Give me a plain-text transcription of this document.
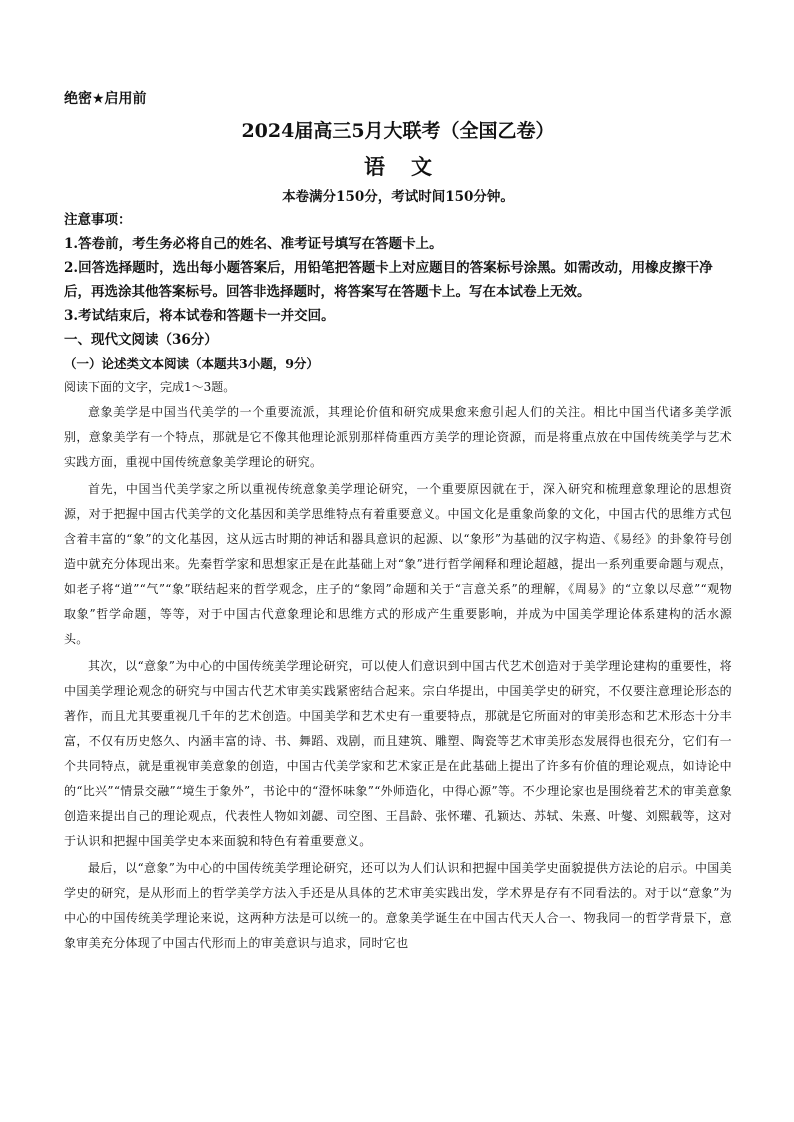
绝密★启用前
2024届高三5月大联考（全国乙卷）
语文
本卷满分150分，考试时间150分钟。
注意事项：
1.答卷前，考生务必将自己的姓名、准考证号填写在答题卡上。
2.回答选择题时，选出每小题答案后，用铅笔把答题卡上对应题目的答案标号涂黑。如需改动，用橡皮擦干净后，再选涂其他答案标号。回答非选择题时，将答案写在答题卡上。写在本试卷上无效。
3.考试结束后，将本试卷和答题卡一并交回。
一、现代文阅读（36分）
（一）论述类文本阅读（本题共3小题，9分）
阅读下面的文字，完成1～3题。

意象美学是中国当代美学的一个重要流派，其理论价值和研究成果愈来愈引起人们的关注。相比中国当代诸多美学派别，意象美学有一个特点，那就是它不像其他理论派别那样倚重西方美学的理论资源，而是将重点放在中国传统美学与艺术实践方面，重视中国传统意象美学理论的研究。

首先，中国当代美学家之所以重视传统意象美学理论研究，一个重要原因就在于，深入研究和梳理意象理论的思想资源，对于把握中国古代美学的文化基因和美学思维特点有着重要意义。中国文化是重象尚象的文化，中国古代的思维方式包含着丰富的“象”的文化基因，这从远古时期的神话和器具意识的起源、以“象形”为基础的汉字构造、《易经》的卦象符号创造中就充分体现出来。先秦哲学家和思想家正是在此基础上对“象”进行哲学阐释和理论超越，提出一系列重要命题与观点，如老子将“道”“气”“象”联结起来的哲学观念，庄子的“象罔”命题和关于“言意关系”的理解，《周易》的“立象以尽意”“观物取象”哲学命题，等等，对于中国古代意象理论和思维方式的形成产生重要影响，并成为中国美学理论体系建构的活水源头。

其次，以“意象”为中心的中国传统美学理论研究，可以使人们意识到中国古代艺术创造对于美学理论建构的重要性，将中国美学理论观念的研究与中国古代艺术审美实践紧密结合起来。宗白华提出，中国美学史的研究，不仅要注意理论形态的著作，而且尤其要重视几千年的艺术创造。中国美学和艺术史有一重要特点，那就是它所面对的审美形态和艺术形态十分丰富，不仅有历史悠久、内涵丰富的诗、书、舞蹈、戏剧，而且建筑、雕塑、陶瓷等艺术审美形态发展得也很充分，它们有一个共同特点，就是重视审美意象的创造，中国古代美学家和艺术家正是在此基础上提出了许多有价值的理论观点，如诗论中的“比兴”“情景交融”“境生于象外”，书论中的“澄怀味象”“外师造化，中得心源”等。不少理论家也是围绕着艺术的审美意象创造来提出自己的理论观点，代表性人物如刘勰、司空图、王昌龄、张怀瓘、孔颖达、苏轼、朱熹、叶燮、刘熙载等，这对于认识和把握中国美学史本来面貌和特色有着重要意义。

最后，以“意象”为中心的中国传统美学理论研究，还可以为人们认识和把握中国美学史面貌提供方法论的启示。中国美学史的研究，是从形而上的哲学美学方法入手还是从具体的艺术审美实践出发，学术界是存有不同看法的。对于以“意象”为中心的中国传统美学理论来说，这两种方法是可以统一的。意象美学诞生在中国古代天人合一、物我同一的哲学背景下，意象审美充分体现了中国古代形而上的审美意识与追求，同时它也
